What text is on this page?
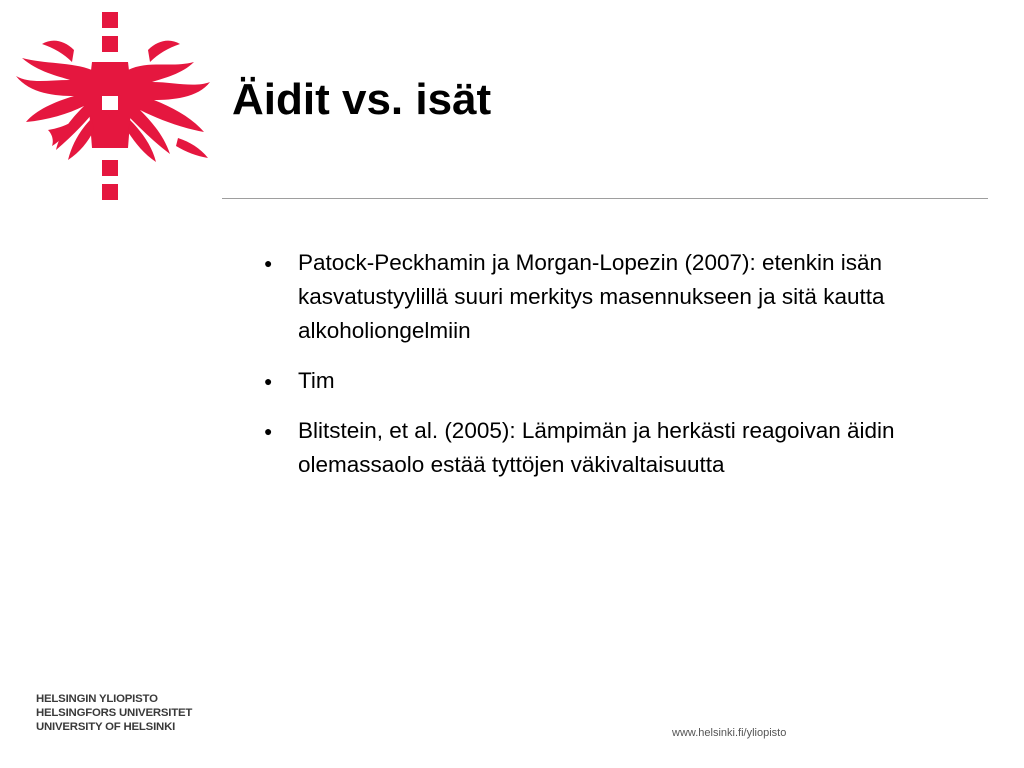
Äidit vs. isät
● Patock-Peckhamin ja Morgan-Lopezin (2007): etenkin isän kasvatustyylillä suuri merkitys masennukseen ja sitä kautta alkoholiongelmiin
● Tim
● Blitstein, et al. (2005): Lämpimän ja herkästi reagoivan äidin olemassaolo estää tyttöjen väkivaltaisuutta
HELSINGIN YLIOPISTO
HELSINGFORS UNIVERSITET
UNIVERSITY OF HELSINKI	www.helsinki.fi/yliopisto
